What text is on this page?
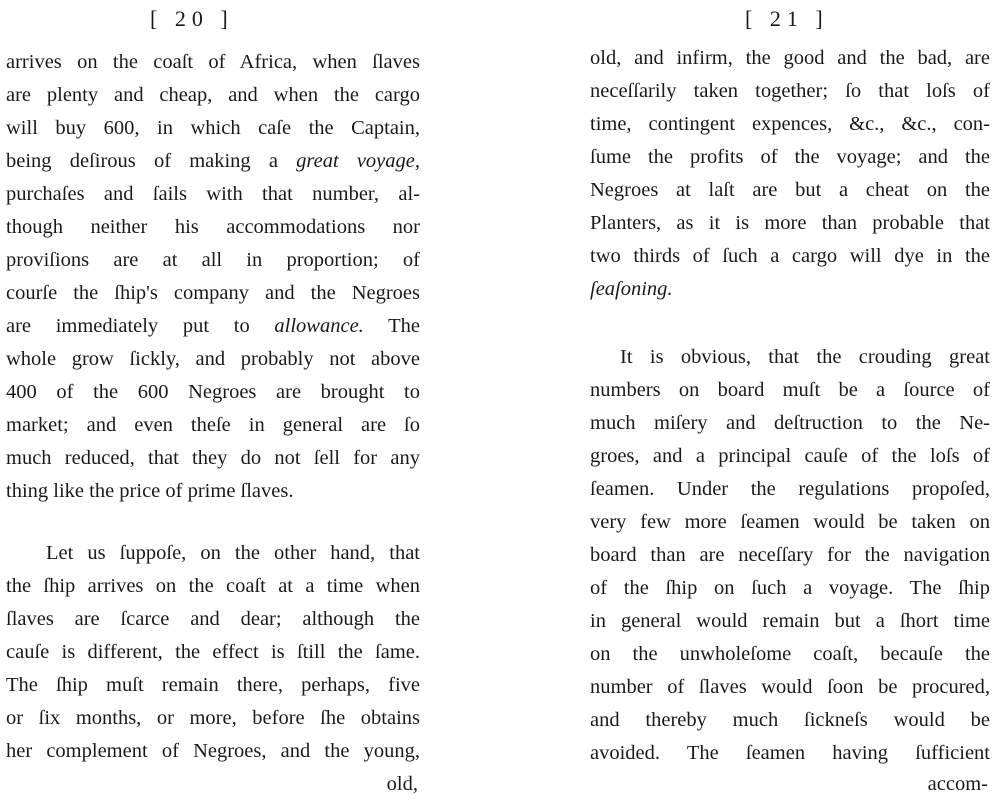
[ 20 ]
arrives on the coaſt of Africa, when ſlaves
are plenty and cheap, and when the cargo
will buy 600, in which caſe the Captain,
being deſirous of making a great voyage,
purchaſes and ſails with that number, al-
though neither his accommodations nor
proviſions are at all in proportion; of
courſe the ſhip's company and the Negroes
are immediately put to allowance. The
whole grow ſickly, and probably not above
400 of the 600 Negroes are brought to
market; and even theſe in general are ſo
much reduced, that they do not ſell for any
thing like the price of prime ſlaves.
Let us ſuppoſe, on the other hand, that
the ſhip arrives on the coaſt at a time when
ſlaves are ſcarce and dear; although the
cauſe is different, the effect is ſtill the ſame.
The ſhip muſt remain there, perhaps, five
or ſix months, or more, before ſhe obtains
her complement of Negroes, and the young,
old,
[ 21 ]
old, and infirm, the good and the bad, are
neceſſarily taken together; ſo that loſs of
time, contingent expences, &c., &c., con-
ſume the profits of the voyage; and the
Negroes at laſt are but a cheat on the
Planters, as it is more than probable that
two thirds of ſuch a cargo will dye in the
ſeaſoning.
It is obvious, that the crouding great
numbers on board muſt be a ſource of
much miſery and deſtruction to the Ne-
groes, and a principal cauſe of the loſs of
ſeamen. Under the regulations propoſed,
very few more ſeamen would be taken on
board than are neceſſary for the navigation
of the ſhip on ſuch a voyage. The ſhip
in general would remain but a ſhort time
on the unwholeſome coaſt, becauſe the
number of ſlaves would ſoon be procured,
and thereby much ſickneſs would be
avoided. The ſeamen having ſufficient
accom-
